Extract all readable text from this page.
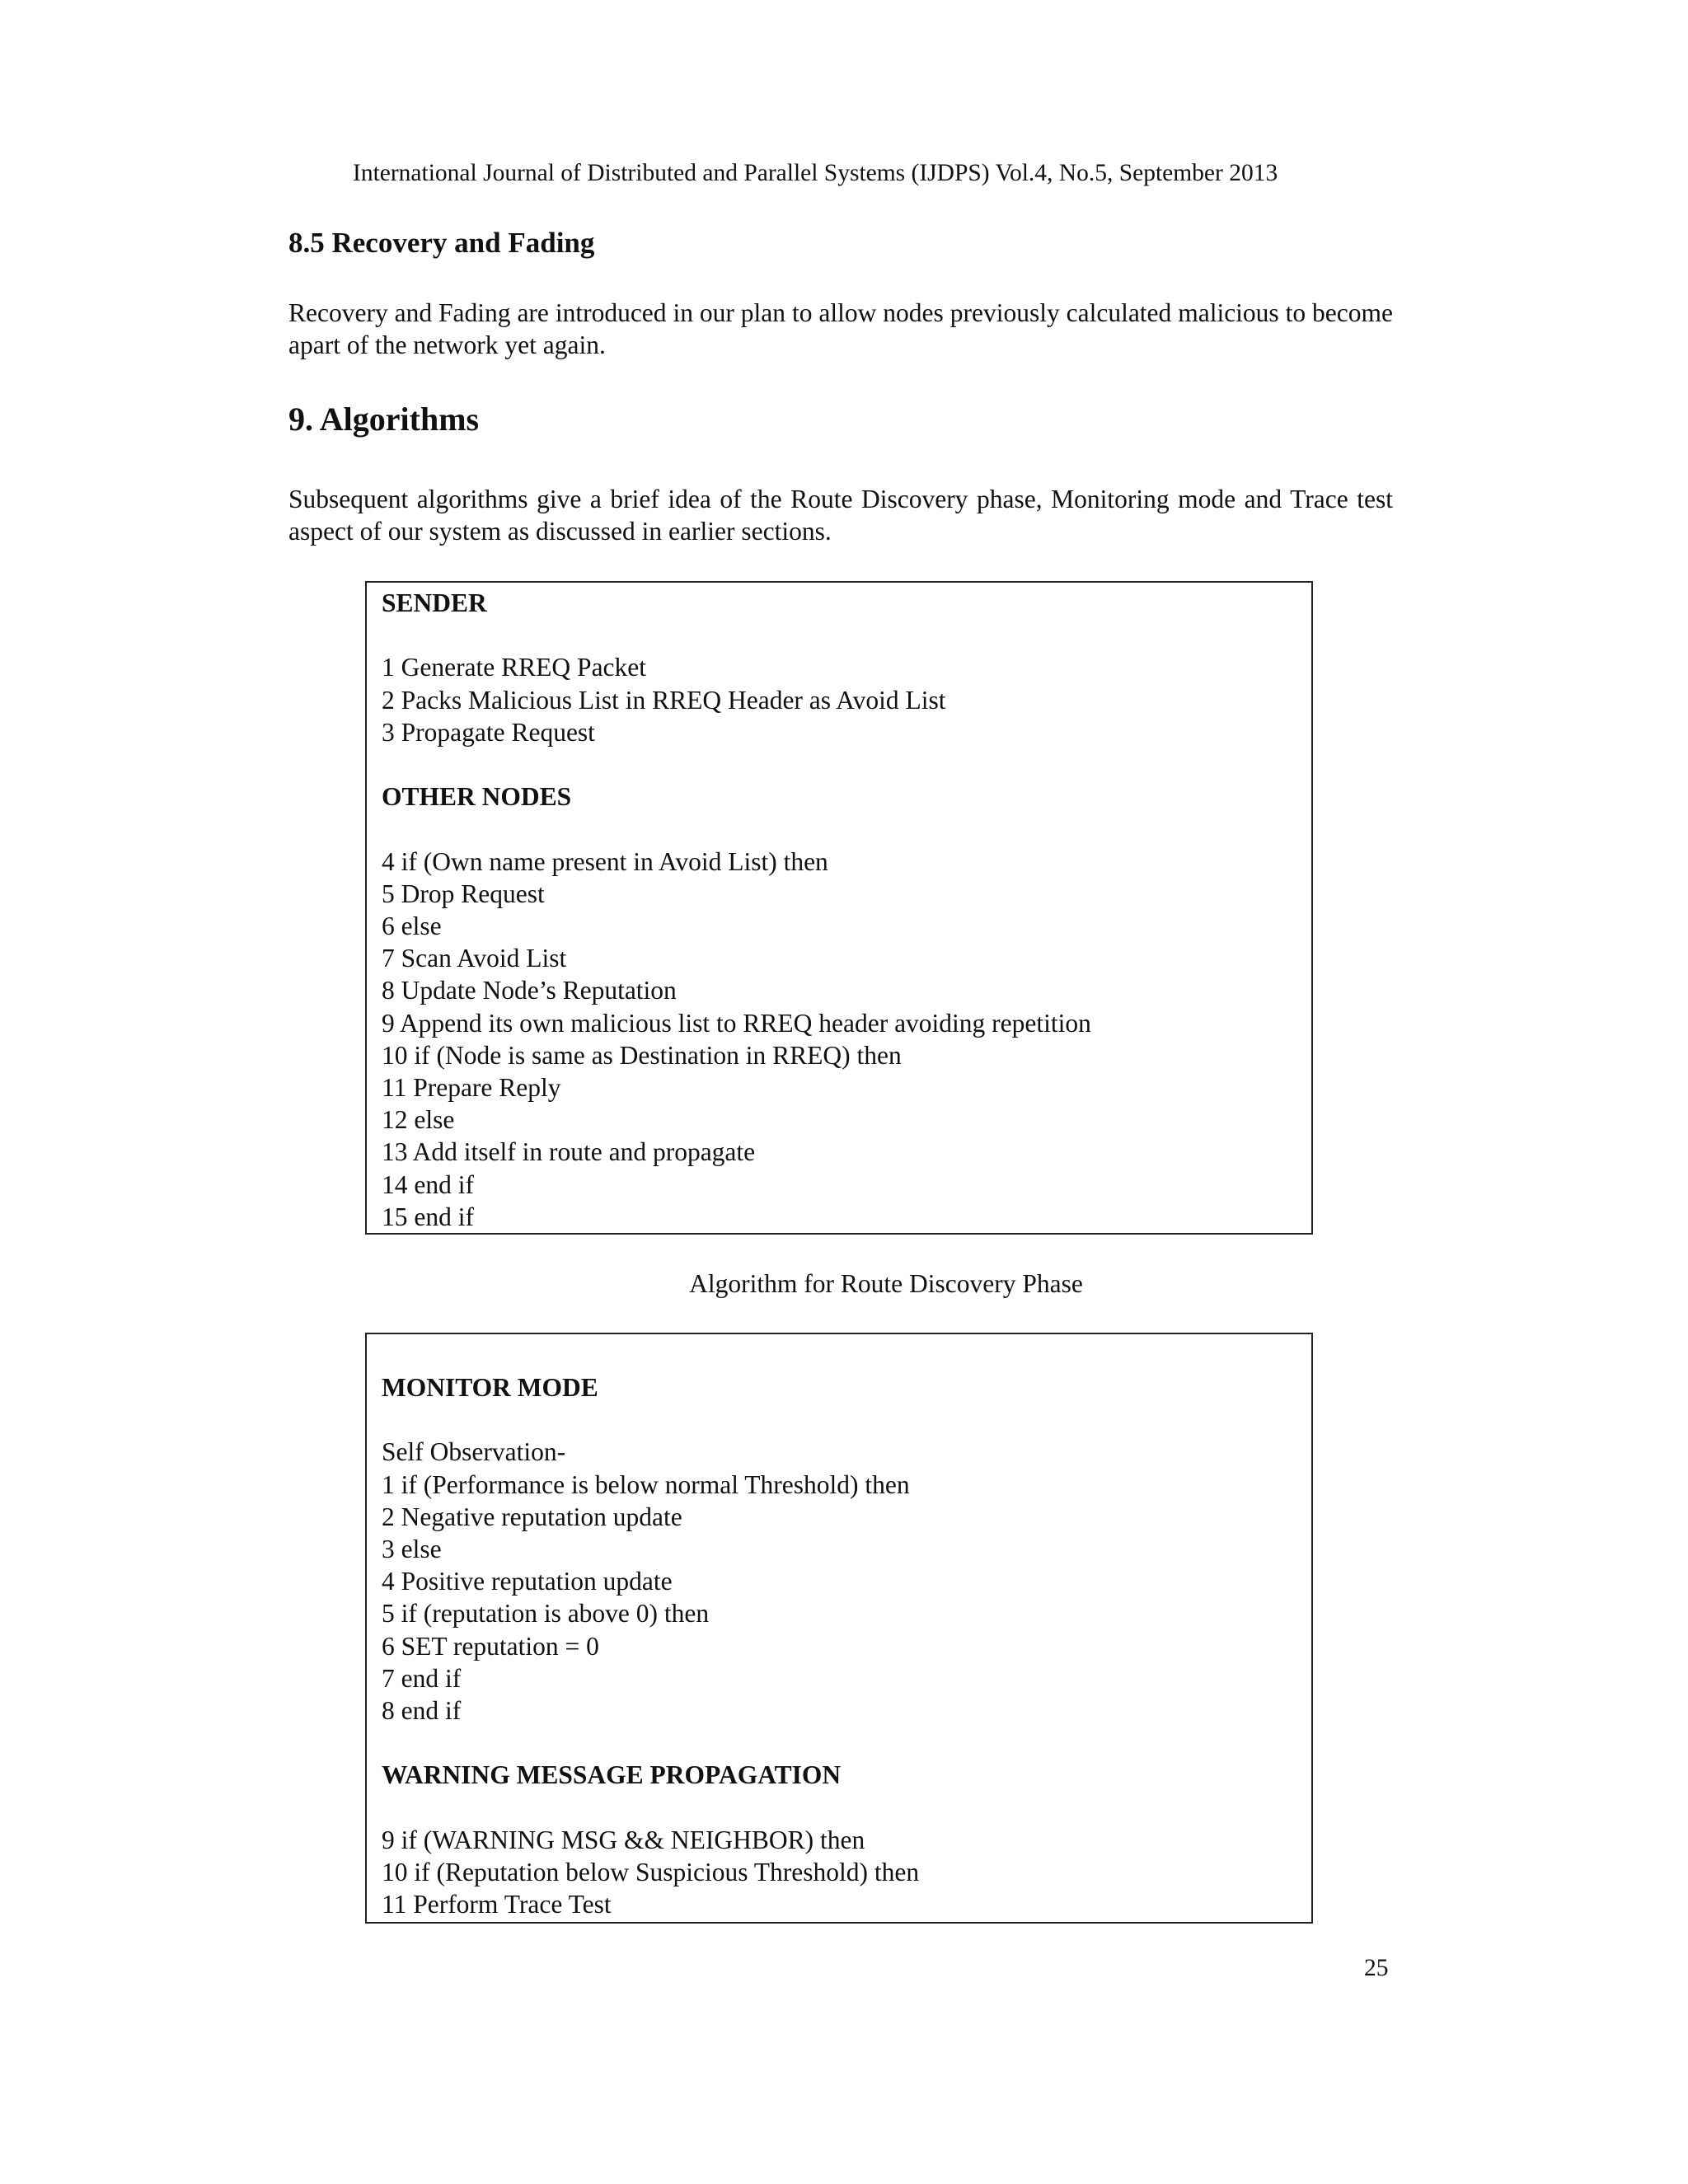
International Journal of Distributed and Parallel Systems (IJDPS) Vol.4, No.5, September 2013
8.5 Recovery and Fading
Recovery and Fading are introduced in our plan to allow nodes previously calculated malicious to become apart of the network yet again.
9. Algorithms
Subsequent algorithms give a brief idea of the Route Discovery phase, Monitoring mode and Trace test aspect of our system as discussed in earlier sections.
SENDER
1 Generate RREQ Packet
2 Packs Malicious List in RREQ Header as Avoid List
3 Propagate Request
OTHER NODES
4 if (Own name present in Avoid List) then
5 Drop Request
6 else
7 Scan Avoid List
8 Update Node’s Reputation
9 Append its own malicious list to RREQ header avoiding repetition
10 if (Node is same as Destination in RREQ) then
11 Prepare Reply
12 else
13 Add itself in route and propagate
14 end if
15 end if
Algorithm for Route Discovery Phase
MONITOR MODE
Self Observation-
1 if (Performance is below normal Threshold) then
2 Negative reputation update
3 else
4 Positive reputation update
5 if (reputation is above 0) then
6 SET reputation = 0
7 end if
8 end if
WARNING MESSAGE PROPAGATION
9 if (WARNING MSG && NEIGHBOR) then
10 if (Reputation below Suspicious Threshold) then
11 Perform Trace Test
25
